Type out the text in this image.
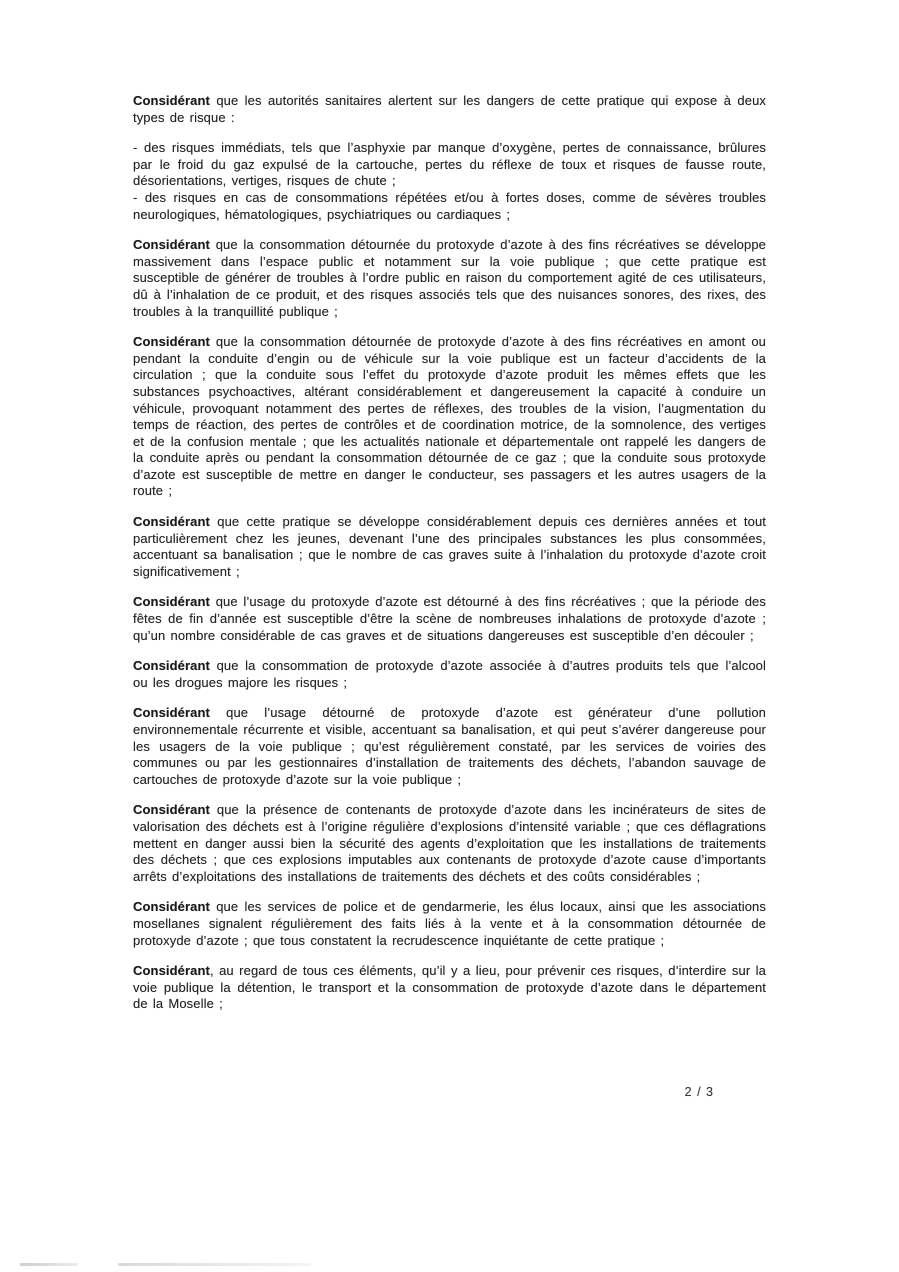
Considérant que les autorités sanitaires alertent sur les dangers de cette pratique qui expose à deux types de risque :

- des risques immédiats, tels que l’asphyxie par manque d’oxygène, pertes de connaissance, brûlures par le froid du gaz expulsé de la cartouche, pertes du réflexe de toux et risques de fausse route, désorientations, vertiges, risques de chute ;

- des risques en cas de consommations répétées et/ou à fortes doses, comme de sévères troubles neurologiques, hématologiques, psychiatriques ou cardiaques ;

Considérant que la consommation détournée du protoxyde d’azote à des fins récréatives se développe massivement dans l’espace public et notamment sur la voie publique ; que cette pratique est susceptible de générer de troubles à l’ordre public en raison du comportement agité de ces utilisateurs, dû à l’inhalation de ce produit, et des risques associés tels que des nuisances sonores, des rixes, des troubles à la tranquillité publique ;

Considérant que la consommation détournée de protoxyde d’azote à des fins récréatives en amont ou pendant la conduite d’engin ou de véhicule sur la voie publique est un facteur d’accidents de la circulation ; que la conduite sous l’effet du protoxyde d’azote produit les mêmes effets que les substances psychoactives, altérant considérablement et dangereusement la capacité à conduire un véhicule, provoquant notamment des pertes de réflexes, des troubles de la vision, l’augmentation du temps de réaction, des pertes de contrôles et de coordination motrice, de la somnolence, des vertiges et de la confusion mentale ; que les actualités nationale et départementale ont rappelé les dangers de la conduite après ou pendant la consommation détournée de ce gaz ; que la conduite sous protoxyde d’azote est susceptible de mettre en danger le conducteur, ses passagers et les autres usagers de la route ;

Considérant que cette pratique se développe considérablement depuis ces dernières années et tout particulièrement chez les jeunes, devenant l’une des principales substances les plus consommées, accentuant sa banalisation ; que le nombre de cas graves suite à l’inhalation du protoxyde d’azote croit significativement ;

Considérant que l’usage du protoxyde d’azote est détourné à des fins récréatives ; que la période des fêtes de fin d’année est susceptible d’être la scène de nombreuses inhalations de protoxyde d’azote ; qu’un nombre considérable de cas graves et de situations dangereuses est susceptible d’en découler ;

Considérant que la consommation de protoxyde d’azote associée à d’autres produits tels que l’alcool ou les drogues majore les risques ;

Considérant que l’usage détourné de protoxyde d’azote est générateur d’une pollution environnementale récurrente et visible, accentuant sa banalisation, et qui peut s’avérer dangereuse pour les usagers de la voie publique ; qu’est régulièrement constaté, par les services de voiries des communes ou par les gestionnaires d’installation de traitements des déchets, l’abandon sauvage de cartouches de protoxyde d’azote sur la voie publique ;

Considérant que la présence de contenants de protoxyde d’azote dans les incinérateurs de sites de valorisation des déchets est à l’origine régulière d’explosions d’intensité variable ; que ces déflagrations mettent en danger aussi bien la sécurité des agents d’exploitation que les installations de traitements des déchets ; que ces explosions imputables aux contenants de protoxyde d’azote cause d’importants arrêts d’exploitations des installations de traitements des déchets et des coûts considérables ;

Considérant que les services de police et de gendarmerie, les élus locaux, ainsi que les associations mosellanes signalent régulièrement des faits liés à la vente et à la consommation détournée de protoxyde d’azote ; que tous constatent la recrudescence inquiétante de cette pratique ;

Considérant, au regard de tous ces éléments, qu’il y a lieu, pour prévenir ces risques, d’interdire sur la voie publique la détention, le transport et la consommation de protoxyde d’azote dans le département de la Moselle ;

2 / 3
